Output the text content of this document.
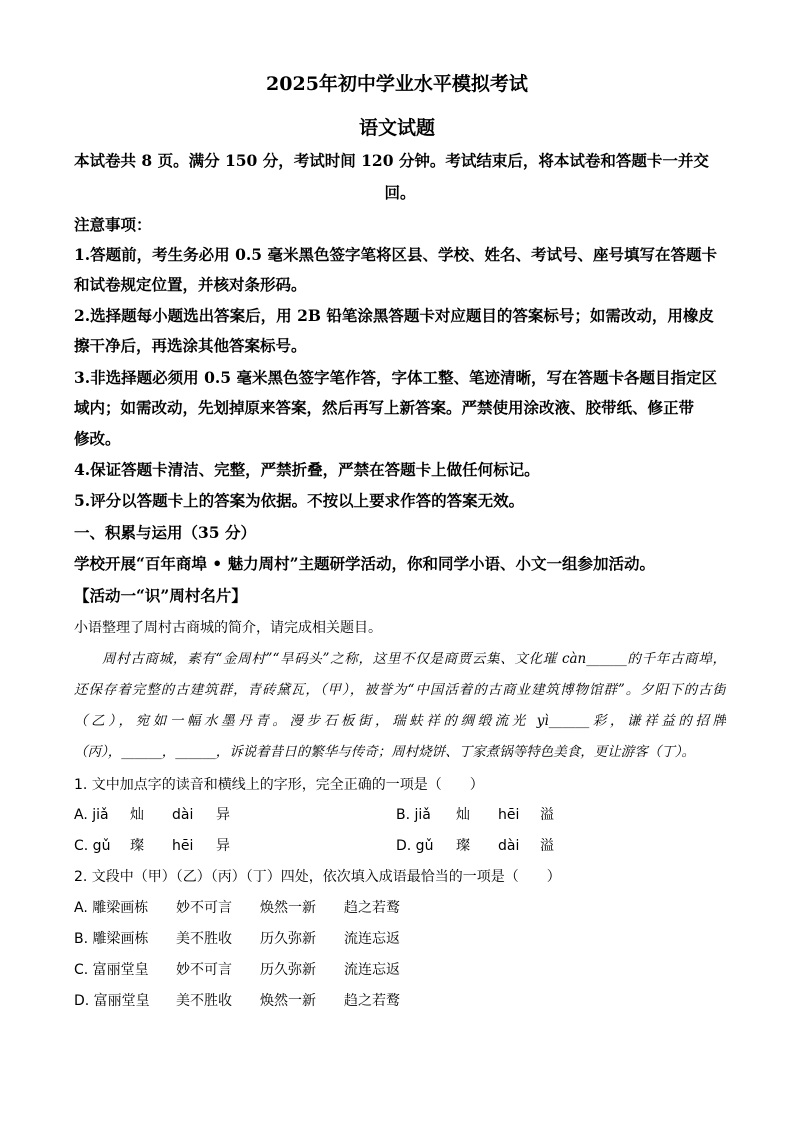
2025年初中学业水平模拟考试
语文试题
本试卷共 8 页。满分 150 分，考试时间 120 分钟。考试结束后，将本试卷和答题卡一并交
回。
注意事项：
1.答题前，考生务必用 0.5 毫米黑色签字笔将区县、学校、姓名、考试号、座号填写在答题卡
和试卷规定位置，并核对条形码。
2.选择题每小题选出答案后，用 2B 铅笔涂黑答题卡对应题目的答案标号；如需改动，用橡皮
擦干净后，再选涂其他答案标号。
3.非选择题必须用 0.5 毫米黑色签字笔作答，字体工整、笔迹清晰，写在答题卡各题目指定区
域内；如需改动，先划掉原来答案，然后再写上新答案。严禁使用涂改液、胶带纸、修正带
修改。
4.保证答题卡清洁、完整，严禁折叠，严禁在答题卡上做任何标记。
5.评分以答题卡上的答案为依据。不按以上要求作答的答案无效。
一、积累与运用（35 分）
学校开展“百年商埠 • 魅力周村”主题研学活动，你和同学小语、小文一组参加活动。
【活动一“识”周村名片】
小语整理了周村古商城的简介，请完成相关题目。

周村古商城，素有“金周村”“旱码头”之称，这里不仅是商贾云集、文化璀 càn______的千年古商埠，

还保存着完整的古建筑群，青砖黛瓦，（甲），被誉为“中国活着的古商业建筑博物馆群”。夕阳下的古街

（乙），宛如一幅水墨丹青。漫步石板街，瑞蚨祥的绸缎流光 yì______彩，谦祥益的招牌

（丙），______，______，诉说着昔日的繁华与传奇；周村烧饼、丁家煮锅等特色美食，更让游客（丁）。

1. 文中加点字的读音和横线上的字形，完全正确的一项是（　　）
A. jiǎ 灿 dài 异	B. jiǎ 灿 hēi 溢
C. gǔ 璨 hēi 异	D. gǔ 璨 dài 溢
2. 文段中（甲）（乙）（丙）（丁）四处，依次填入成语最恰当的一项是（　　）
A. 雕梁画栋 妙不可言 焕然一新 趋之若鹜
B. 雕梁画栋 美不胜收 历久弥新 流连忘返
C. 富丽堂皇 妙不可言 历久弥新 流连忘返
D. 富丽堂皇 美不胜收 焕然一新 趋之若鹜
